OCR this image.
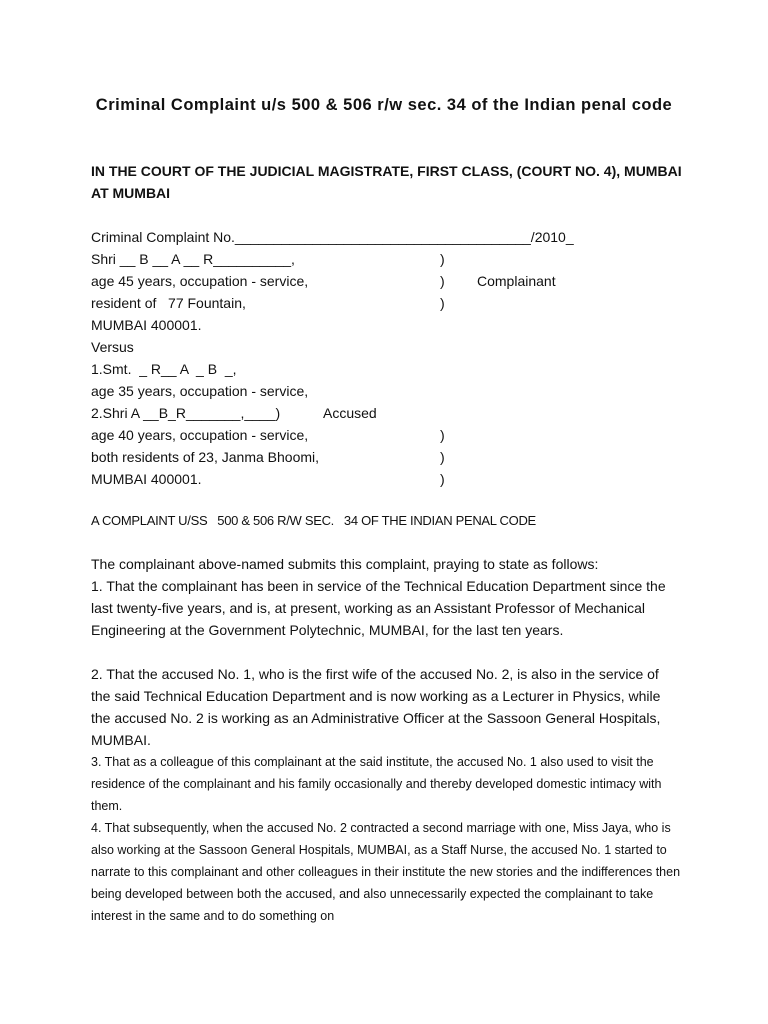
Criminal Complaint u/s 500 & 506 r/w sec. 34 of the Indian penal code
IN THE COURT OF THE JUDICIAL MAGISTRATE, FIRST CLASS, (COURT NO. 4), MUMBAI AT MUMBAI
Criminal Complaint No.______________________________________/2010_
Shri __ B __ A __ R__________,	)
age 45 years, occupation - service,	) Complainant
resident of   77 Fountain,	)
MUMBAI 400001.
Versus
1.Smt.  _ R__ A  _ B  _,
age 35 years, occupation - service,
2.Shri A __B_R_______,____)	Accused
age 40 years, occupation - service,	)
both residents of 23, Janma Bhoomi,	)
MUMBAI 400001.	)
A COMPLAINT U/SS   500 & 506 R/W SEC.   34 OF THE INDIAN PENAL CODE

The complainant above-named submits this complaint, praying to state as follows:

1. That the complainant has been in service of the Technical Education Department since the last twenty-five years, and is, at present, working as an Assistant Professor of Mechanical Engineering at the Government Polytechnic, MUMBAI, for the last ten years.

2. That the accused No. 1, who is the first wife of the accused No. 2, is also in the service of the said Technical Education Department and is now working as a Lecturer in Physics, while the accused No. 2 is working as an Administrative Officer at the Sassoon General Hospitals, MUMBAI.

3. That as a colleague of this complainant at the said institute, the accused No. 1 also used to visit the residence of the complainant and his family occasionally and thereby developed domestic intimacy with them.

4. That subsequently, when the accused No. 2 contracted a second marriage with one, Miss Jaya, who is also working at the Sassoon General Hospitals, MUMBAI, as a Staff Nurse, the accused No. 1 started to narrate to this complainant and other colleagues in their institute the new stories and the indifferences then being developed between both the accused, and also unnecessarily expected the complainant to take interest in the same and to do something on
